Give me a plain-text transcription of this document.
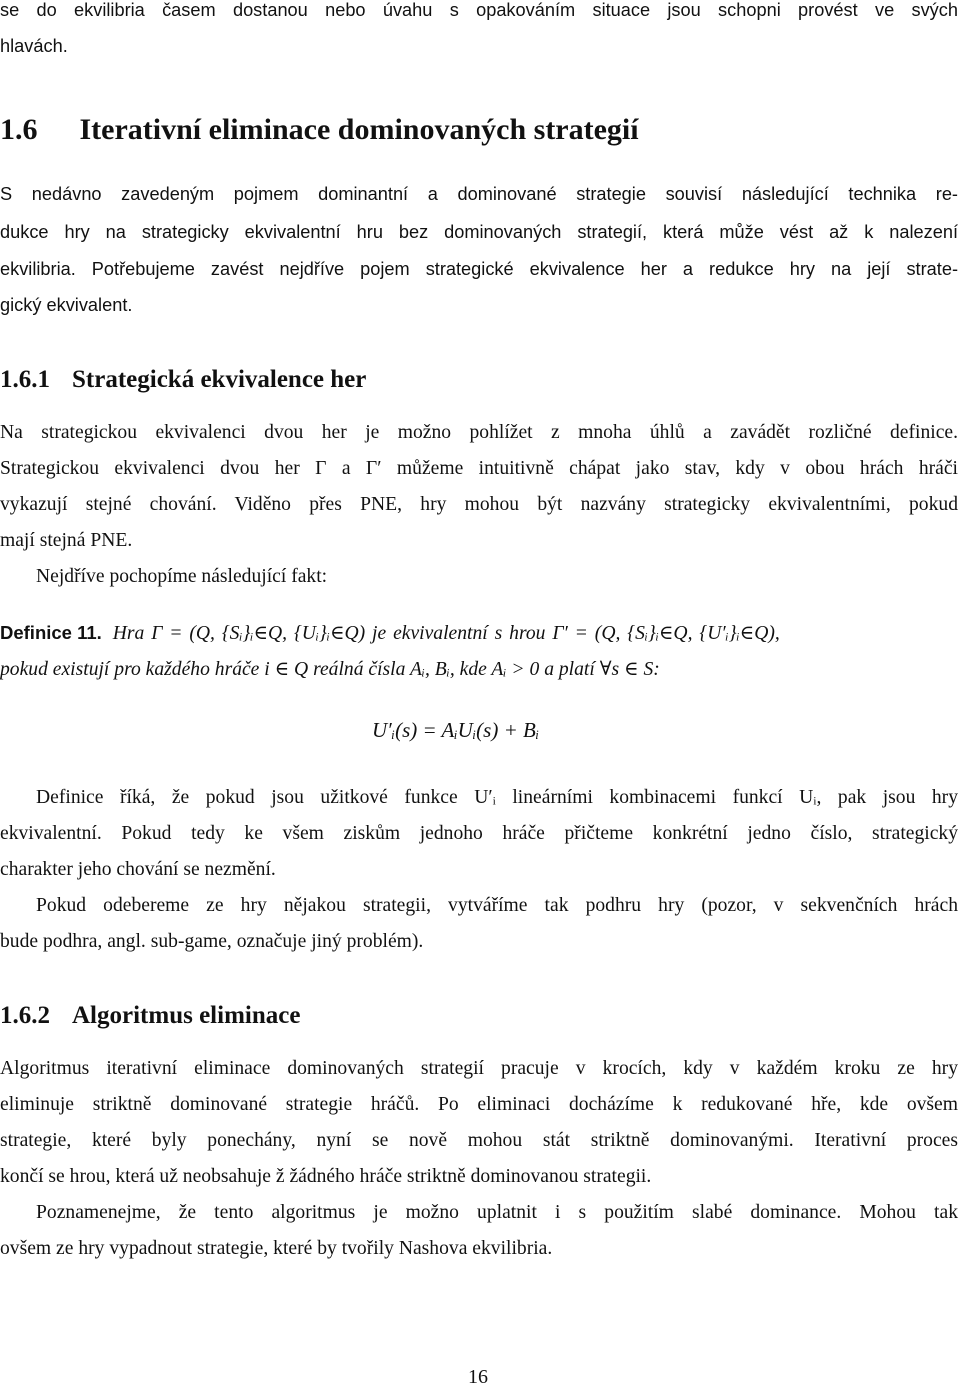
se do ekvilibria časem dostanou nebo úvahu s opakováním situace jsou schopni provést ve svých
hlavách.
1.6 Iterativní eliminace dominovaných strategií
S nedávno zavedeným pojmem dominantní a dominované strategie souvisí následující technika re-
dukce hry na strategicky ekvivalentní hru bez dominovaných strategií, která může vést až k nalezení
ekvilibria. Potřebujeme zavést nejdříve pojem strategické ekvivalence her a redukce hry na její strate-
gický ekvivalent.
1.6.1 Strategická ekvivalence her
Na strategickou ekvivalenci dvou her je možno pohlížet z mnoha úhlů a zavádět rozličné definice.
Strategickou ekvivalenci dvou her Γ a Γ′ můžeme intuitivně chápat jako stav, kdy v obou hrách hráči
vykazují stejné chování. Viděno přes PNE, hry mohou být nazvány strategicky ekvivalentními, pokud
mají stejná PNE.
Nejdříve pochopíme následující fakt:
Definice 11. Hra Γ = (Q, {Sᵢ}ᵢ∈Q, {Uᵢ}ᵢ∈Q) je ekvivalentní s hrou Γ′ = (Q, {Sᵢ}ᵢ∈Q, {U′ᵢ}ᵢ∈Q),
pokud existují pro každého hráče i ∈ Q reálná čísla Aᵢ, Bᵢ, kde Aᵢ > 0 a platí ∀s ∈ S:
U′ᵢ(s) = AᵢUᵢ(s) + Bᵢ
Definice říká, že pokud jsou užitkové funkce U′ᵢ lineárními kombinacemi funkcí Uᵢ, pak jsou hry
ekvivalentní. Pokud tedy ke všem ziskům jednoho hráče přičteme konkrétní jedno číslo, strategický
charakter jeho chování se nezmění.
Pokud odebereme ze hry nějakou strategii, vytváříme tak podhru hry (pozor, v sekvenčních hrách
bude podhra, angl. sub-game, označuje jiný problém).
1.6.2 Algoritmus eliminace
Algoritmus iterativní eliminace dominovaných strategií pracuje v krocích, kdy v každém kroku ze hry
eliminuje striktně dominované strategie hráčů. Po eliminaci docházíme k redukované hře, kde ovšem
strategie, které byly ponechány, nyní se nově mohou stát striktně dominovanými. Iterativní proces
končí se hrou, která už neobsahuje ž žádného hráče striktně dominovanou strategii.
Poznamenejme, že tento algoritmus je možno uplatnit i s použitím slabé dominance. Mohou tak
ovšem ze hry vypadnout strategie, které by tvořily Nashova ekvilibria.
16
